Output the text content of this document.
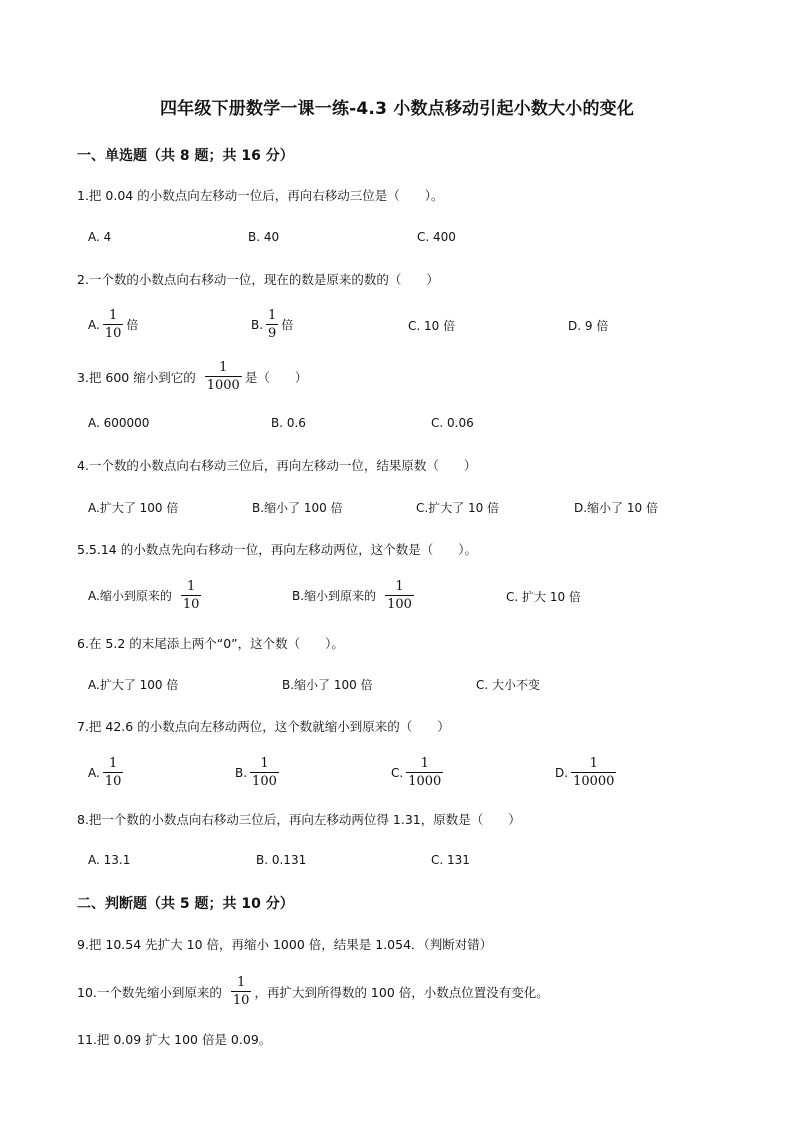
四年级下册数学一课一练-4.3 小数点移动引起小数大小的变化
一、单选题（共 8 题；共 16 分）
1.把 0.04 的小数点向左移动一位后，再向右移动三位是（　　）。
A. 4	B. 40	C. 400
2.一个数的小数点向右移动一位，现在的数是原来的数的（　　）
A. $\frac{1}{10}$ 倍	B. $\frac{1}{9}$ 倍	C. 10 倍	D. 9 倍
3.把 600 缩小到它的 $\frac{1}{1000}$ 是（　　）
A. 600000	B. 0.6	C. 0.06
4.一个数的小数点向右移动三位后，再向左移动一位，结果原数（　　）
A.扩大了 100 倍	B.缩小了 100 倍	C.扩大了 10 倍	D.缩小了 10 倍
5.5.14 的小数点先向右移动一位，再向左移动两位，这个数是（　　）。
A.缩小到原来的 $\frac{1}{10}$	B.缩小到原来的 $\frac{1}{100}$	C. 扩大 10 倍
6.在 5.2 的末尾添上两个“0”，这个数（　　）。
A.扩大了 100 倍	B.缩小了 100 倍	C. 大小不变
7.把 42.6 的小数点向左移动两位，这个数就缩小到原来的（　　）
A. $\frac{1}{10}$	B. $\frac{1}{100}$	C. $\frac{1}{1000}$	D. $\frac{1}{10000}$
8.把一个数的小数点向右移动三位后，再向左移动两位得 1.31，原数是（　　）
A. 13.1	B. 0.131	C. 131
二、判断题（共 5 题；共 10 分）
9.把 10.54 先扩大 10 倍，再缩小 1000 倍，结果是 1.054．（判断对错）
10.一个数先缩小到原来的 $\frac{1}{10}$ ，再扩大到所得数的 100 倍，小数点位置没有变化。
11.把 0.09 扩大 100 倍是 0.09。
